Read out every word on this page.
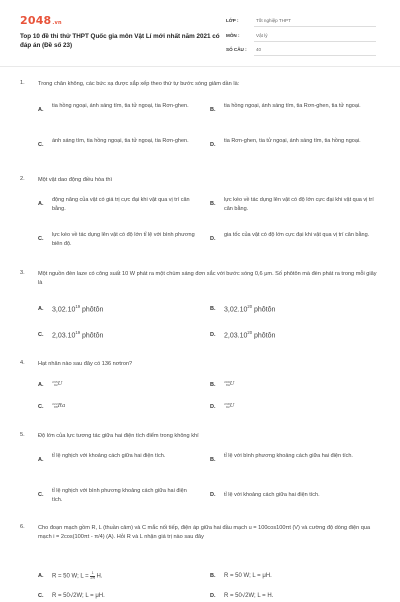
2048.vn
Top 10 đề thi thử THPT Quốc gia môn Vật Lí mới nhất năm 2021 có đáp án (Đề số 23)
LỚP :	Tốt nghiệp THPT
MÔN :	Vật lý
SỐ CÂU : 40
1. Trong chân không, các bức xạ được sắp xếp theo thứ tự bước sóng giảm dần là:
A.
tia hồng ngoại, ánh sáng tím, tia tử ngoại, tia Rơn-ghen.
B.
tia hồng ngoại, ánh sáng tím, tia Rơn-ghen, tia tử ngoại.
C.
ánh sáng tím, tia hồng ngoại, tia tử ngoại, tia Rơn-ghen.
D.
tia Rơn-ghen, tia tử ngoại, ánh sáng tím, tia hồng ngoại.
2. Một vật dao động điều hòa thì
A.
động năng của vật có giá trị cực đại khi vật qua vị trí cân bằng.
B.
lực kéo về tác dụng lên vật có độ lớn cực đại khi vật qua vị trí cân bằng.
C.
lực kéo về tác dụng lên vật có độ lớn tỉ lệ với bình phương biên độ.
D.
gia tốc của vật có độ lớn cực đại khi vật qua vị trí cân bằng.
3. Một nguồn đèn laze có công suất 10 W phát ra một chùm sáng đơn sắc với bước sóng 0,6 μm. Số phôtôn mà đèn phát ra trong mỗi giây là
A. 3,02.10$^{19}$ phôtôn	B. 3,02.10$^{20}$ phôtôn
C. 2,03.10$^{19}$ phôtôn	D. 2,03.10$^{20}$ phôtôn
4. Hạt nhân nào sau đây có 136 nơtron?
A.
235
92U	B.
209
84U
C.
222
86Ra	D.
238
92U
5. Độ lớn của lực tương tác giữa hai điện tích điểm trong không khí
A.
tỉ lệ nghịch với khoảng cách giữa hai điện tích.
B.
tỉ lệ với bình phương khoảng cách giữa hai điện tích.
C.
tỉ lệ nghịch với bình phương khoảng cách giữa hai điện tích.
D. tỉ lệ với khoảng cách giữa hai điện tích.
6. Cho đoạn mạch gồm R, L (thuần cảm) và C mắc nối tiếp, điện áp giữa hai đầu mạch u = 100cos100πt (V) và cường độ dòng điện qua mạch i = 2cos(100πt - π/4) (A). Hỏi R và L nhận giá trị nào sau đây
A. R = 50 W; $L = \frac{1}{2\pi} H$.	B. R = 50 W; L = μH.
C. R = 50√2W; L = μH.	D. R = 50√2W; L = H.
